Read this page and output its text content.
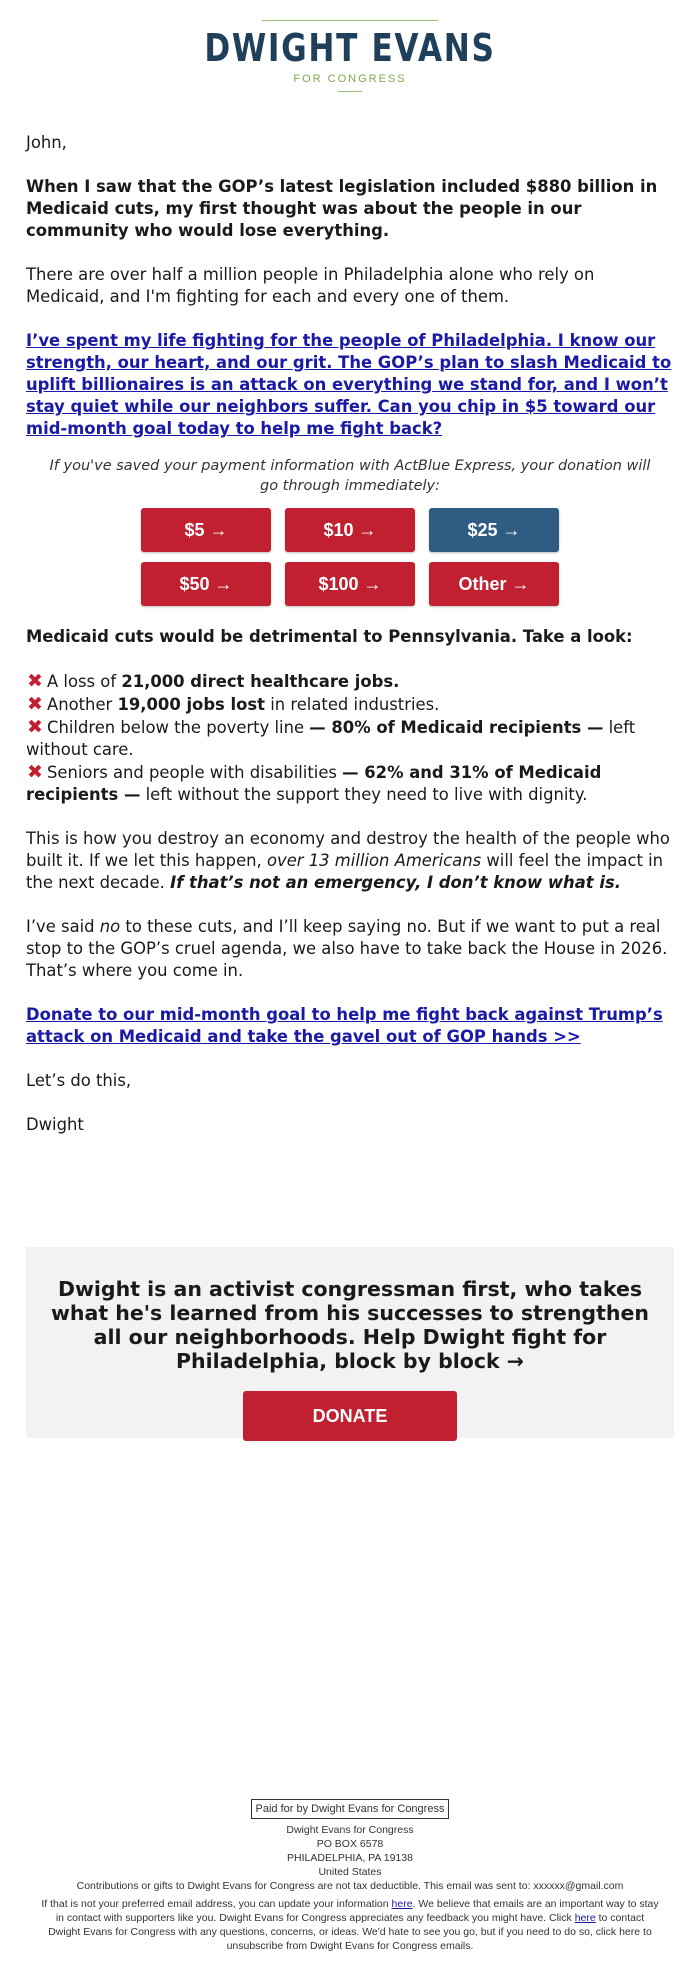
DWIGHT EVANS
FOR CONGRESS

John,

When I saw that the GOP’s latest legislation included $880 billion in Medicaid cuts, my first thought was about the people in our community who would lose everything.

There are over half a million people in Philadelphia alone who rely on Medicaid, and I'm fighting for each and every one of them.

I’ve spent my life fighting for the people of Philadelphia. I know our strength, our heart, and our grit. The GOP’s plan to slash Medicaid to uplift billionaires is an attack on everything we stand for, and I won’t stay quiet while our neighbors suffer. Can you chip in $5 toward our mid-month goal today to help me fight back?

If you've saved your payment information with ActBlue Express, your donation will go through immediately:

$5 →	$10 →	$25 →
$50 →	$100 →	Other →

Medicaid cuts would be detrimental to Pennsylvania. Take a look:

✖ A loss of 21,000 direct healthcare jobs.

✖ Another 19,000 jobs lost in related industries.

✖ Children below the poverty line — 80% of Medicaid recipients — left without care.

✖ Seniors and people with disabilities — 62% and 31% of Medicaid recipients — left without the support they need to live with dignity.

This is how you destroy an economy and destroy the health of the people who built it. If we let this happen, over 13 million Americans will feel the impact in the next decade. If that’s not an emergency, I don’t know what is.

I’ve said no to these cuts, and I’ll keep saying no. But if we want to put a real stop to the GOP’s cruel agenda, we also have to take back the House in 2026. That’s where you come in.

Donate to our mid-month goal to help me fight back against Trump’s attack on Medicaid and take the gavel out of GOP hands >>

Let’s do this,

Dwight

Dwight is an activist congressman first, who takes what he's learned from his successes to strengthen all our neighborhoods. Help Dwight fight for Philadelphia, block by block →
DONATE
Paid for by Dwight Evans for Congress
Dwight Evans for Congress
PO BOX 6578
PHILADELPHIA, PA 19138
United States
Contributions or gifts to Dwight Evans for Congress are not tax deductible. This email was sent to: xxxxxx@gmail.com
If that is not your preferred email address, you can update your information here. We believe that emails are an important way to stay in contact with supporters like you. Dwight Evans for Congress appreciates any feedback you might have. Click here to contact Dwight Evans for Congress with any questions, concerns, or ideas. We'd hate to see you go, but if you need to do so, click here to unsubscribe from Dwight Evans for Congress emails.
